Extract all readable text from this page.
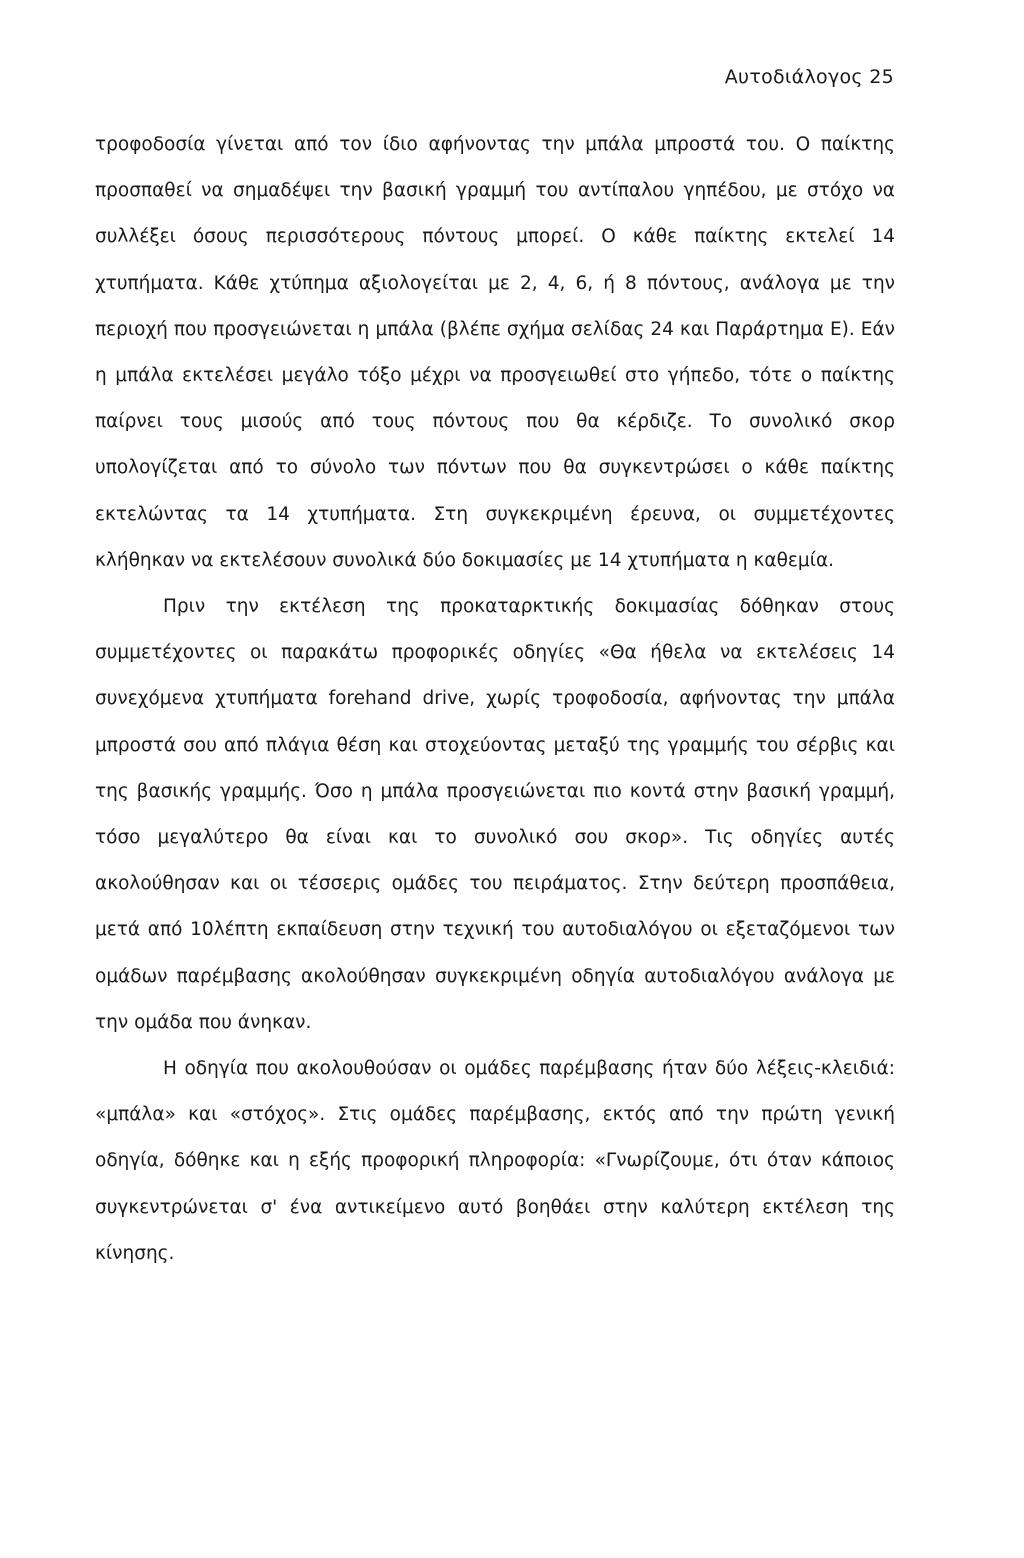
Αυτοδιάλογος 25

τροφοδοσία γίνεται από τον ίδιο αφήνοντας την μπάλα μπροστά του. Ο παίκτης προσπαθεί να σημαδέψει την βασική γραμμή του αντίπαλου γηπέδου, με στόχο να συλλέξει όσους περισσότερους πόντους μπορεί. Ο κάθε παίκτης εκτελεί 14 χτυπήματα. Κάθε χτύπημα αξιολογείται με 2, 4, 6, ή 8 πόντους, ανάλογα με την περιοχή που προσγειώνεται η μπάλα (βλέπε σχήμα σελίδας 24 και Παράρτημα Ε). Εάν η μπάλα εκτελέσει μεγάλο τόξο μέχρι να προσγειωθεί στο γήπεδο, τότε ο παίκτης παίρνει τους μισούς από τους πόντους που θα κέρδιζε. Το συνολικό σκορ υπολογίζεται από το σύνολο των πόντων που θα συγκεντρώσει ο κάθε παίκτης εκτελώντας τα 14 χτυπήματα. Στη συγκεκριμένη έρευνα, οι συμμετέχοντες κλήθηκαν να εκτελέσουν συνολικά δύο δοκιμασίες με 14 χτυπήματα η καθεμία.

Πριν την εκτέλεση της προκαταρκτικής δοκιμασίας δόθηκαν στους συμμετέχοντες οι παρακάτω προφορικές οδηγίες «Θα ήθελα να εκτελέσεις 14 συνεχόμενα χτυπήματα forehand drive, χωρίς τροφοδοσία, αφήνοντας την μπάλα μπροστά σου από πλάγια θέση και στοχεύοντας μεταξύ της γραμμής του σέρβις και της βασικής γραμμής. Όσο η μπάλα προσγειώνεται πιο κοντά στην βασική γραμμή, τόσο μεγαλύτερο θα είναι και το συνολικό σου σκορ». Τις οδηγίες αυτές ακολούθησαν και οι τέσσερις ομάδες του πειράματος. Στην δεύτερη προσπάθεια, μετά από 10λέπτη εκπαίδευση στην τεχνική του αυτοδιαλόγου οι εξεταζόμενοι των ομάδων παρέμβασης ακολούθησαν συγκεκριμένη οδηγία αυτοδιαλόγου ανάλογα με την ομάδα που άνηκαν.

Η οδηγία που ακολουθούσαν οι ομάδες παρέμβασης ήταν δύο λέξεις-κλειδιά: «μπάλα» και «στόχος». Στις ομάδες παρέμβασης, εκτός από την πρώτη γενική οδηγία, δόθηκε και η εξής προφορική πληροφορία: «Γνωρίζουμε, ότι όταν κάποιος συγκεντρώνεται σ' ένα αντικείμενο αυτό βοηθάει στην καλύτερη εκτέλεση της κίνησης.
